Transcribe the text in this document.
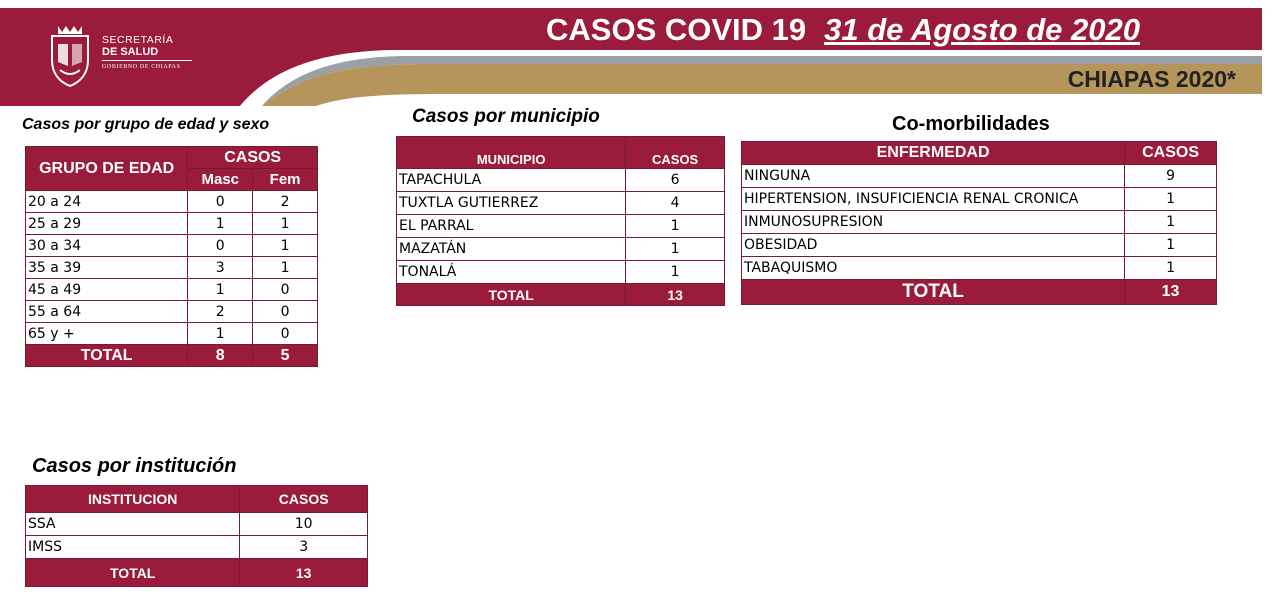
SECRETARÍA
DE SALUD
GOBIERNO DE CHIAPAS
CASOS COVID 19 31 de Agosto de 2020
CHIAPAS 2020*
Casos por grupo de edad y sexo
GRUPO DE EDAD	CASOS	
	Masc	Fem
20 a 24	0	2
25 a 29	1	1
30 a 34	0	1
35 a 39	3	1
45 a 49	1	0
55 a 64	2	0
65 y +	1	0
TOTAL	8	5
Casos por municipio
MUNICIPIO	CASOS
TAPACHULA	6
TUXTLA GUTIERREZ	4
EL PARRAL	1
MAZATÁN	1
TONALÁ	1
TOTAL	13
Co-morbilidades
ENFERMEDAD	CASOS
NINGUNA	9
HIPERTENSION, INSUFICIENCIA RENAL CRONICA	1
INMUNOSUPRESION	1
OBESIDAD	1
TABAQUISMO	1
TOTAL	13
Casos por institución
INSTITUCION	CASOS
SSA	10
IMSS	3
TOTAL	13
